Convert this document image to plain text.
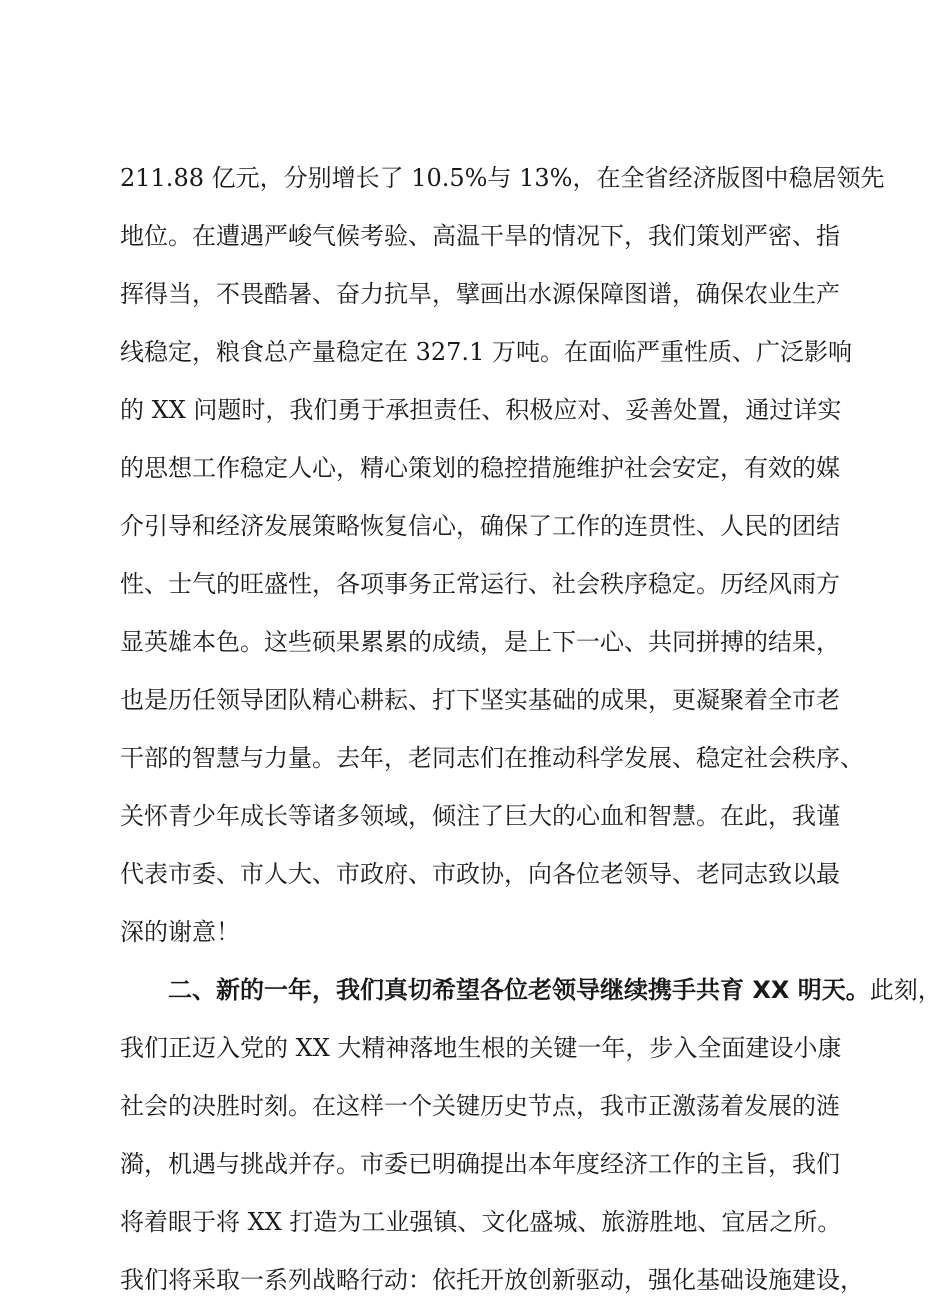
211.88 亿元，分别增长了 10.5%与 13%，在全省经济版图中稳居领先
地位。在遭遇严峻气候考验、高温干旱的情况下，我们策划严密、指
挥得当，不畏酷暑、奋力抗旱，擘画出水源保障图谱，确保农业生产
线稳定，粮食总产量稳定在 327.1 万吨。在面临严重性质、广泛影响
的 XX 问题时，我们勇于承担责任、积极应对、妥善处置，通过详实
的思想工作稳定人心，精心策划的稳控措施维护社会安定，有效的媒
介引导和经济发展策略恢复信心，确保了工作的连贯性、人民的团结
性、士气的旺盛性，各项事务正常运行、社会秩序稳定。历经风雨方
显英雄本色。这些硕果累累的成绩，是上下一心、共同拼搏的结果，
也是历任领导团队精心耕耘、打下坚实基础的成果，更凝聚着全市老
干部的智慧与力量。去年，老同志们在推动科学发展、稳定社会秩序、
关怀青少年成长等诸多领域，倾注了巨大的心血和智慧。在此，我谨
代表市委、市人大、市政府、市政协，向各位老领导、老同志致以最
深的谢意！
二、新的一年，我们真切希望各位老领导继续携手共育 XX 明天。此刻，
我们正迈入党的 XX 大精神落地生根的关键一年，步入全面建设小康
社会的决胜时刻。在这样一个关键历史节点，我市正激荡着发展的涟
漪，机遇与挑战并存。市委已明确提出本年度经济工作的主旨，我们
将着眼于将 XX 打造为工业强镇、文化盛城、旅游胜地、宜居之所。
我们将采取一系列战略行动：依托开放创新驱动，强化基础设施建设，
